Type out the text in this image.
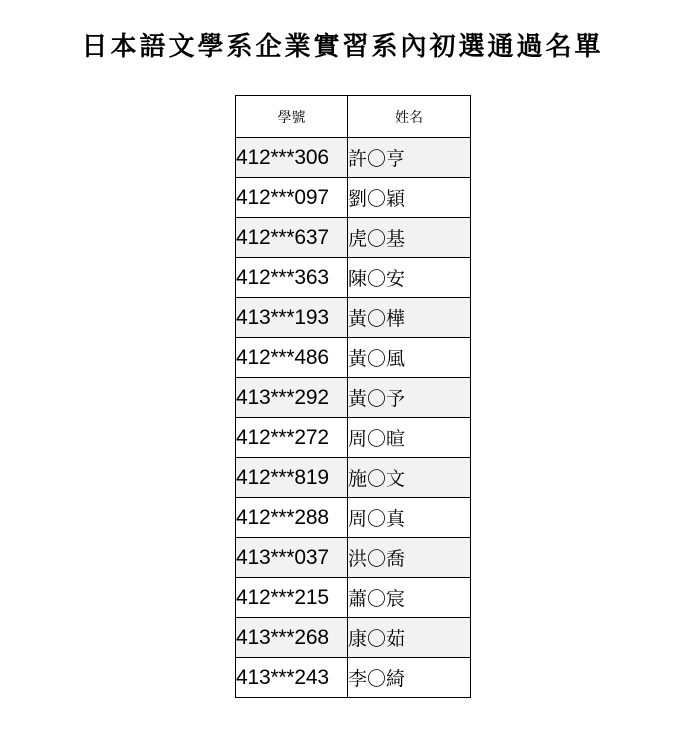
日本語文學系企業實習系內初選通過名單
學號	姓名
412***306	許〇亨
412***097	劉〇穎
412***637	虎〇基
412***363	陳〇安
413***193	黃〇樺
412***486	黃〇風
413***292	黃〇予
412***272	周〇暄
412***819	施〇文
412***288	周〇真
413***037	洪〇喬
412***215	蕭〇宸
413***268	康〇茹
413***243	李〇綺
